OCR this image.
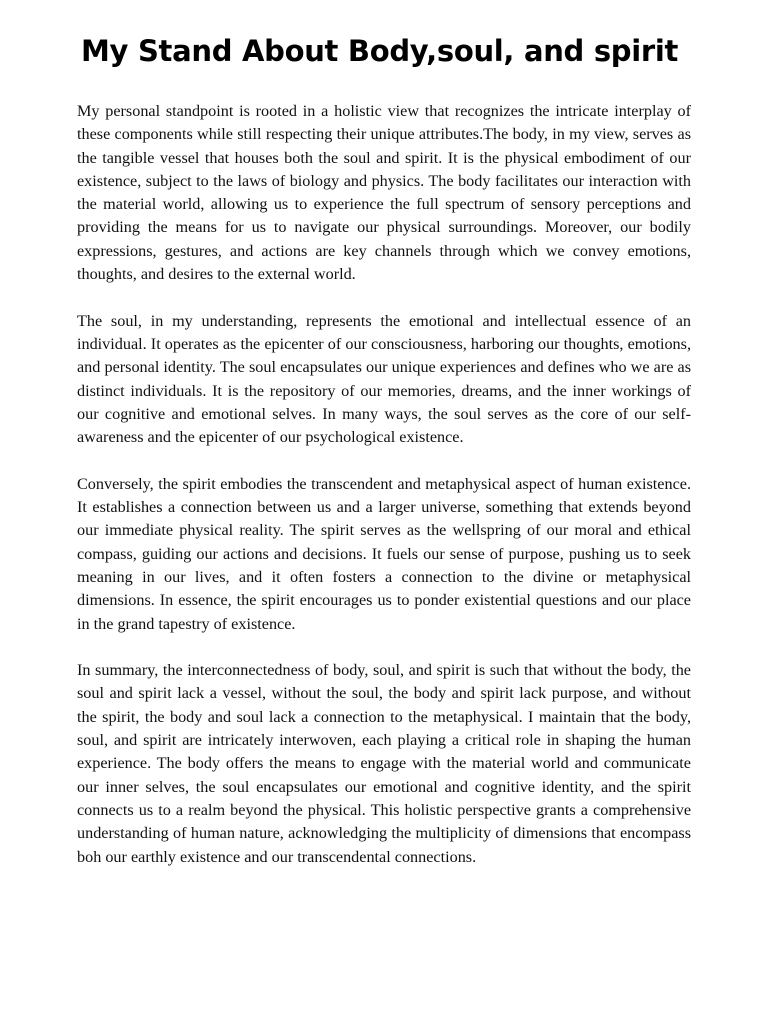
My Stand About Body,soul, and spirit

My personal standpoint is rooted in a holistic view that recognizes the intricate interplay of these components while still respecting their unique attributes.The body, in my view, serves as the tangible vessel that houses both the soul and spirit. It is the physical embodiment of our existence, subject to the laws of biology and physics. The body facilitates our interaction with the material world, allowing us to experience the full spectrum of sensory perceptions and providing the means for us to navigate our physical surroundings. Moreover, our bodily expressions, gestures, and actions are key channels through which we convey emotions, thoughts, and desires to the external world.

The soul, in my understanding, represents the emotional and intellectual essence of an individual. It operates as the epicenter of our consciousness, harboring our thoughts, emotions, and personal identity. The soul encapsulates our unique experiences and defines who we are as distinct individuals. It is the repository of our memories, dreams, and the inner workings of our cognitive and emotional selves. In many ways, the soul serves as the core of our self-awareness and the epicenter of our psychological existence.

Conversely, the spirit embodies the transcendent and metaphysical aspect of human existence. It establishes a connection between us and a larger universe, something that extends beyond our immediate physical reality. The spirit serves as the wellspring of our moral and ethical compass, guiding our actions and decisions. It fuels our sense of purpose, pushing us to seek meaning in our lives, and it often fosters a connection to the divine or metaphysical dimensions. In essence, the spirit encourages us to ponder existential questions and our place in the grand tapestry of existence.

In summary, the interconnectedness of body, soul, and spirit is such that without the body, the soul and spirit lack a vessel, without the soul, the body and spirit lack purpose, and without the spirit, the body and soul lack a connection to the metaphysical. I maintain that the body, soul, and spirit are intricately interwoven, each playing a critical role in shaping the human experience. The body offers the means to engage with the material world and communicate our inner selves, the soul encapsulates our emotional and cognitive identity, and the spirit connects us to a realm beyond the physical. This holistic perspective grants a comprehensive understanding of human nature, acknowledging the multiplicity of dimensions that encompass boh our earthly existence and our transcendental connections.
